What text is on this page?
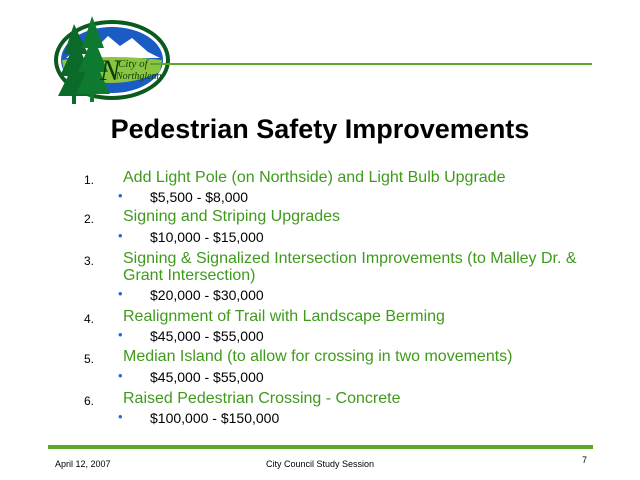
N
City of
Northglenn
Pedestrian Safety Improvements
1. Add Light Pole (on Northside) and Light Bulb Upgrade
• $5,500 - $8,000
2. Signing and Striping Upgrades
• $10,000 - $15,000
3. Signing & Signalized Intersection Improvements (to Malley Dr. & Grant Intersection)
• $20,000 - $30,000
4. Realignment of Trail with Landscape Berming
• $45,000 - $55,000
5. Median Island (to allow for crossing in two movements)
• $45,000 - $55,000
6. Raised Pedestrian Crossing - Concrete
• $100,000 - $150,000
April 12, 2007	City Council Study Session	7
